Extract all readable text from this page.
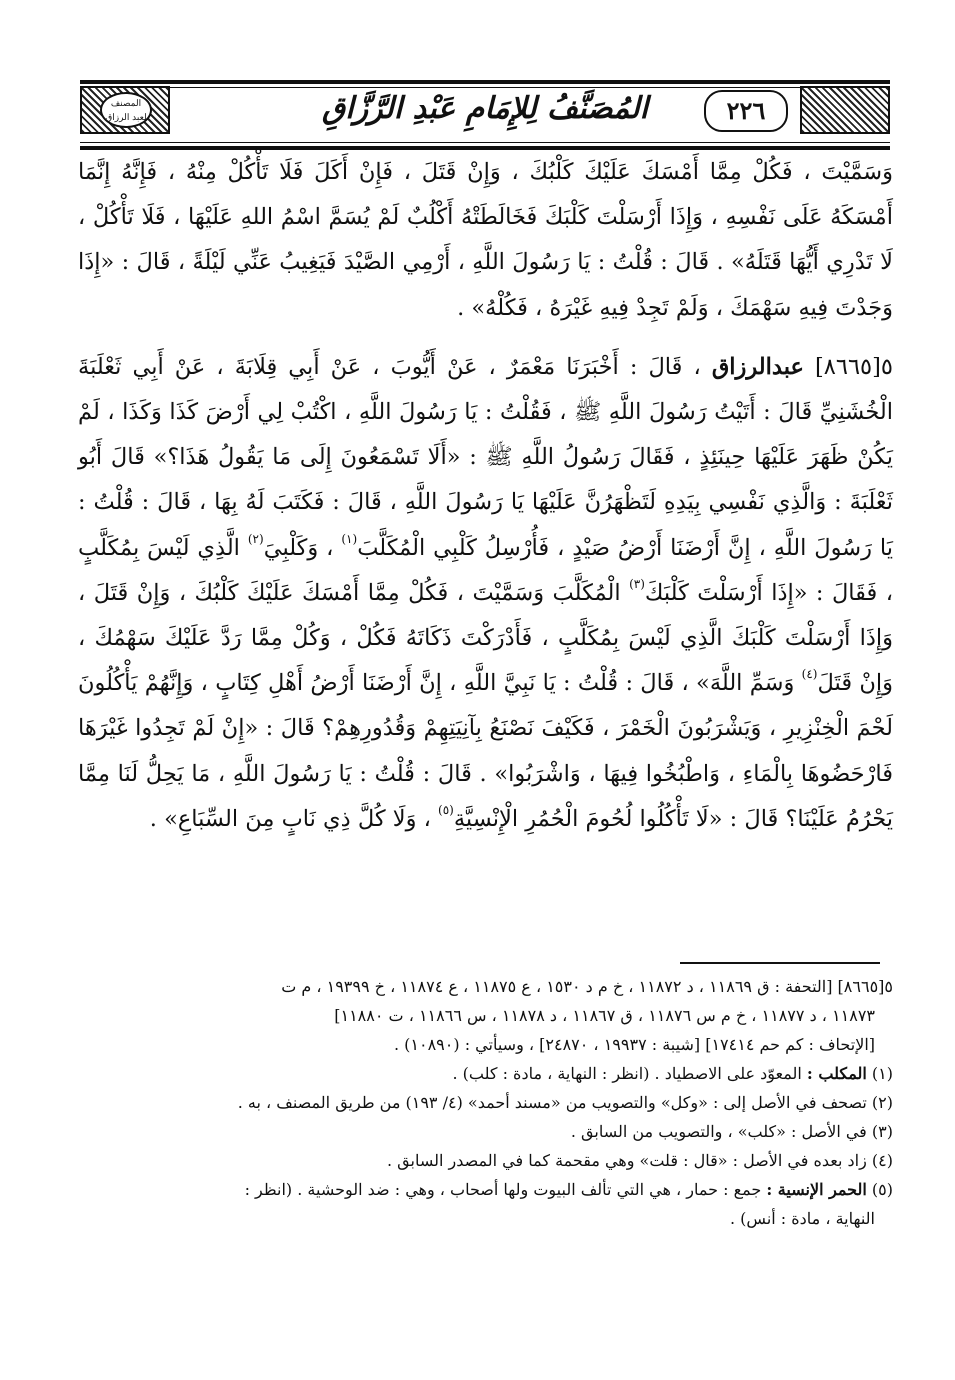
المصنف
لعبد الرزاق	٢٢٦
المُصَنَّفُ لِلإِمَامِ عَبْدِ الرَّزَّاقِ

وَسَمَّيْتَ ، فَكُلْ مِمَّا أَمْسَكَ عَلَيْكَ كَلْبُكَ ، وَإِنْ قَتَلَ ، فَإِنْ أَكَلَ فَلَا تَأْكُلْ مِنْهُ ، فَإِنَّهُ إِنَّمَا أَمْسَكَهُ عَلَى نَفْسِهِ ، وَإِذَا أَرْسَلْتَ كَلْبَكَ فَخَالَطَتْهُ أَكْلُبٌ لَمْ يُسَمَّ اسْمُ اللهِ عَلَيْهَا ، فَلَا تَأْكُلْ ، لَا تَدْرِي أَيُّهَا قَتَلَهُ» . قَالَ : قُلْتُ : يَا رَسُولَ اللَّهِ ، أَرْمِي الصَّيْدَ فَيَغِيبُ عَنِّي لَيْلَةً ، قَالَ : «إِذَا وَجَدْتَ فِيهِ سَهْمَكَ ، وَلَمْ تَجِدْ فِيهِ غَيْرَهُ ، فَكُلْهُ» .

٥[٨٦٦٥] عبدالرزاق ، قَالَ : أَخْبَرَنَا مَعْمَرٌ ، عَنْ أَيُّوبَ ، عَنْ أَبِي قِلَابَةَ ، عَنْ أَبِي ثَعْلَبَةَ الْخُشَنِيِّ قَالَ : أَتَيْتُ رَسُولَ اللَّهِ ﷺ ، فَقُلْتُ : يَا رَسُولَ اللَّهِ ، اكْتُبْ لِي أَرْضَ كَذَا وَكَذَا ، لَمْ يَكُنْ ظَهَرَ عَلَيْهَا حِينَئِذٍ ، فَقَالَ رَسُولُ اللَّهِ ﷺ : «أَلَا تَسْمَعُونَ إِلَى مَا يَقُولُ هَذَا؟» قَالَ أَبُو ثَعْلَبَةَ : وَالَّذِي نَفْسِي بِيَدِهِ لَتَظْهَرُنَّ عَلَيْهَا يَا رَسُولَ اللَّهِ ، قَالَ : فَكَتَبَ لَهُ بِهَا ، قَالَ : قُلْتُ : يَا رَسُولَ اللَّهِ ، إِنَّ أَرْضَنَا أَرْضُ صَيْدٍ ، فَأُرْسِلُ كَلْبِي الْمُكَلَّبَ$^{(١)}$ ، وَكَلْبِيَ$^{(٢)}$ الَّذِي لَيْسَ بِمُكَلَّبٍ ، فَقَالَ : «إِذَا أَرْسَلْتَ كَلْبَكَ$^{(٣)}$ الْمُكَلَّبَ وَسَمَّيْتَ ، فَكُلْ مِمَّا أَمْسَكَ عَلَيْكَ كَلْبُكَ ، وَإِنْ قَتَلَ ، وَإِذَا أَرْسَلْتَ كَلْبَكَ الَّذِي لَيْسَ بِمُكَلَّبٍ ، فَأَدْرَكْتَ ذَكَاتَهُ فَكُلْ ، وَكُلْ مِمَّا رَدَّ عَلَيْكَ سَهْمُكَ ، وَإِنْ قَتَلَ$^{(٤)}$ وَسَمِّ اللَّهَ» ، قَالَ : قُلْتُ : يَا نَبِيَّ اللَّهِ ، إِنَّ أَرْضَنَا أَرْضُ أَهْلِ كِتَابٍ ، وَإِنَّهُمْ يَأْكُلُونَ لَحْمَ الْخِنْزِيرِ ، وَيَشْرَبُونَ الْخَمْرَ ، فَكَيْفَ نَصْنَعُ بِآنِيَتِهِمْ وَقُدُورِهِمْ؟ قَالَ : «إِنْ لَمْ تَجِدُوا غَيْرَهَا فَارْحَضُوهَا بِالْمَاءِ ، وَاطْبُخُوا فِيهَا ، وَاشْرَبُوا» . قَالَ : قُلْتُ : يَا رَسُولَ اللَّهِ ، مَا يَحِلُّ لَنَا مِمَّا يَحْرُمُ عَلَيْنَا؟ قَالَ : «لَا تَأْكُلُوا لُحُومَ الْحُمُرِ الْإِنْسِيَّةِ$^{(٥)}$ ، وَلَا كُلَّ ذِي نَابٍ مِنَ السِّبَاعِ» .

٥[٨٦٦٥] [التحفة : ق ١١٨٦٩ ، د ١١٨٧٢ ، خ م د ١٥٣٠ ، ع ١١٨٧٥ ، ع ١١٨٧٤ ، خ ١٩٣٩٩ ، م ت

١١٨٧٣ ، د ١١٨٧٧ ، خ م س ١١٨٧٦ ، ق ١١٨٦٧ ، د ١١٨٧٨ ، س ١١٨٦٦ ، ت ١١٨٨٠]

[الإتحاف : كم حم ١٧٤١٤] [شيبة : ١٩٩٣٧ ، ٢٤٨٧٠] ، وسيأتي : (١٠٨٩٠) .

(١) المكلب : المعوّد على الاصطياد . (انظر : النهاية ، مادة : كلب) .

(٢) تصحف في الأصل إلى : «وكل» والتصويب من «مسند أحمد» (٤/ ١٩٣) من طريق المصنف ، به .

(٣) في الأصل : «كلب» ، والتصويب من السابق .

(٤) زاد بعده في الأصل : «قال : قلت» وهي مقحمة كما في المصدر السابق .

(٥) الحمر الإنسية : جمع : حمار ، هي التي تألف البيوت ولها أصحاب ، وهي : ضد الوحشية . (انظر :

النهاية ، مادة : أنس) .
